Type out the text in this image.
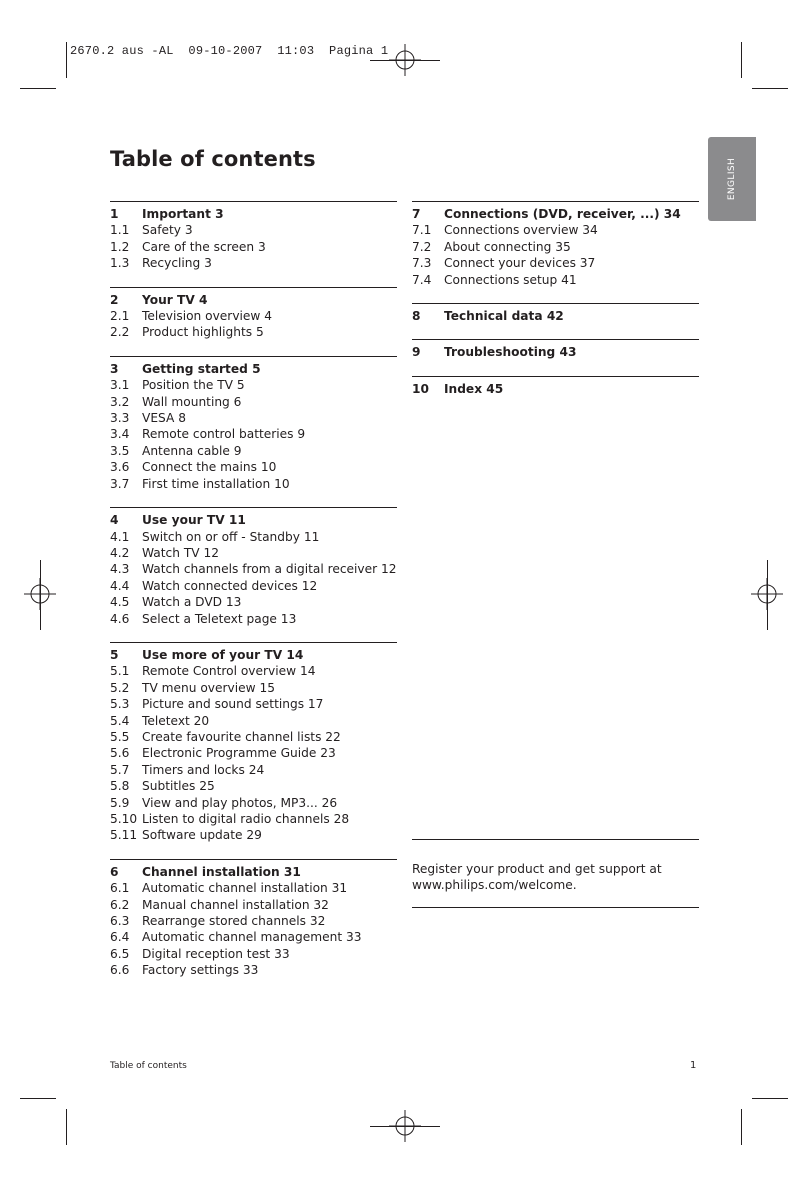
2670.2 aus -AL  09-10-2007  11:03  Pagina 1
ENGLISH
Table of contents
1	Important 3
1.1	Safety 3
1.2	Care of the screen 3
1.3	Recycling 3
2	Your TV 4
2.1	Television overview 4
2.2	Product highlights 5
3	Getting started 5
3.1	Position the TV 5
3.2	Wall mounting 6
3.3	VESA 8
3.4	Remote control batteries 9
3.5	Antenna cable 9
3.6	Connect the mains 10
3.7	First time installation 10
4	Use your TV 11
4.1	Switch on or off - Standby 11
4.2	Watch TV 12
4.3	Watch channels from a digital receiver 12
4.4	Watch connected devices 12
4.5	Watch a DVD 13
4.6	Select a Teletext page 13
5	Use more of your TV 14
5.1	Remote Control overview 14
5.2	TV menu overview 15
5.3	Picture and sound settings 17
5.4	Teletext 20
5.5	Create favourite channel lists 22
5.6	Electronic Programme Guide 23
5.7	Timers and locks 24
5.8	Subtitles 25
5.9	View and play photos, MP3... 26
5.10 Listen to digital radio channels 28
5.11 Software update 29
6	Channel installation 31
6.1	Automatic channel installation 31
6.2	Manual channel installation 32
6.3	Rearrange stored channels 32
6.4	Automatic channel management 33
6.5	Digital reception test 33
6.6	Factory settings 33
7	Connections (DVD, receiver, ...) 34
7.1	Connections overview 34
7.2	About connecting 35
7.3	Connect your devices 37
7.4	Connections setup 41
8	Technical data 42
9	Troubleshooting 43
10	Index 45
Register your product and get support at
www.philips.com/welcome.
Table of contents	1
